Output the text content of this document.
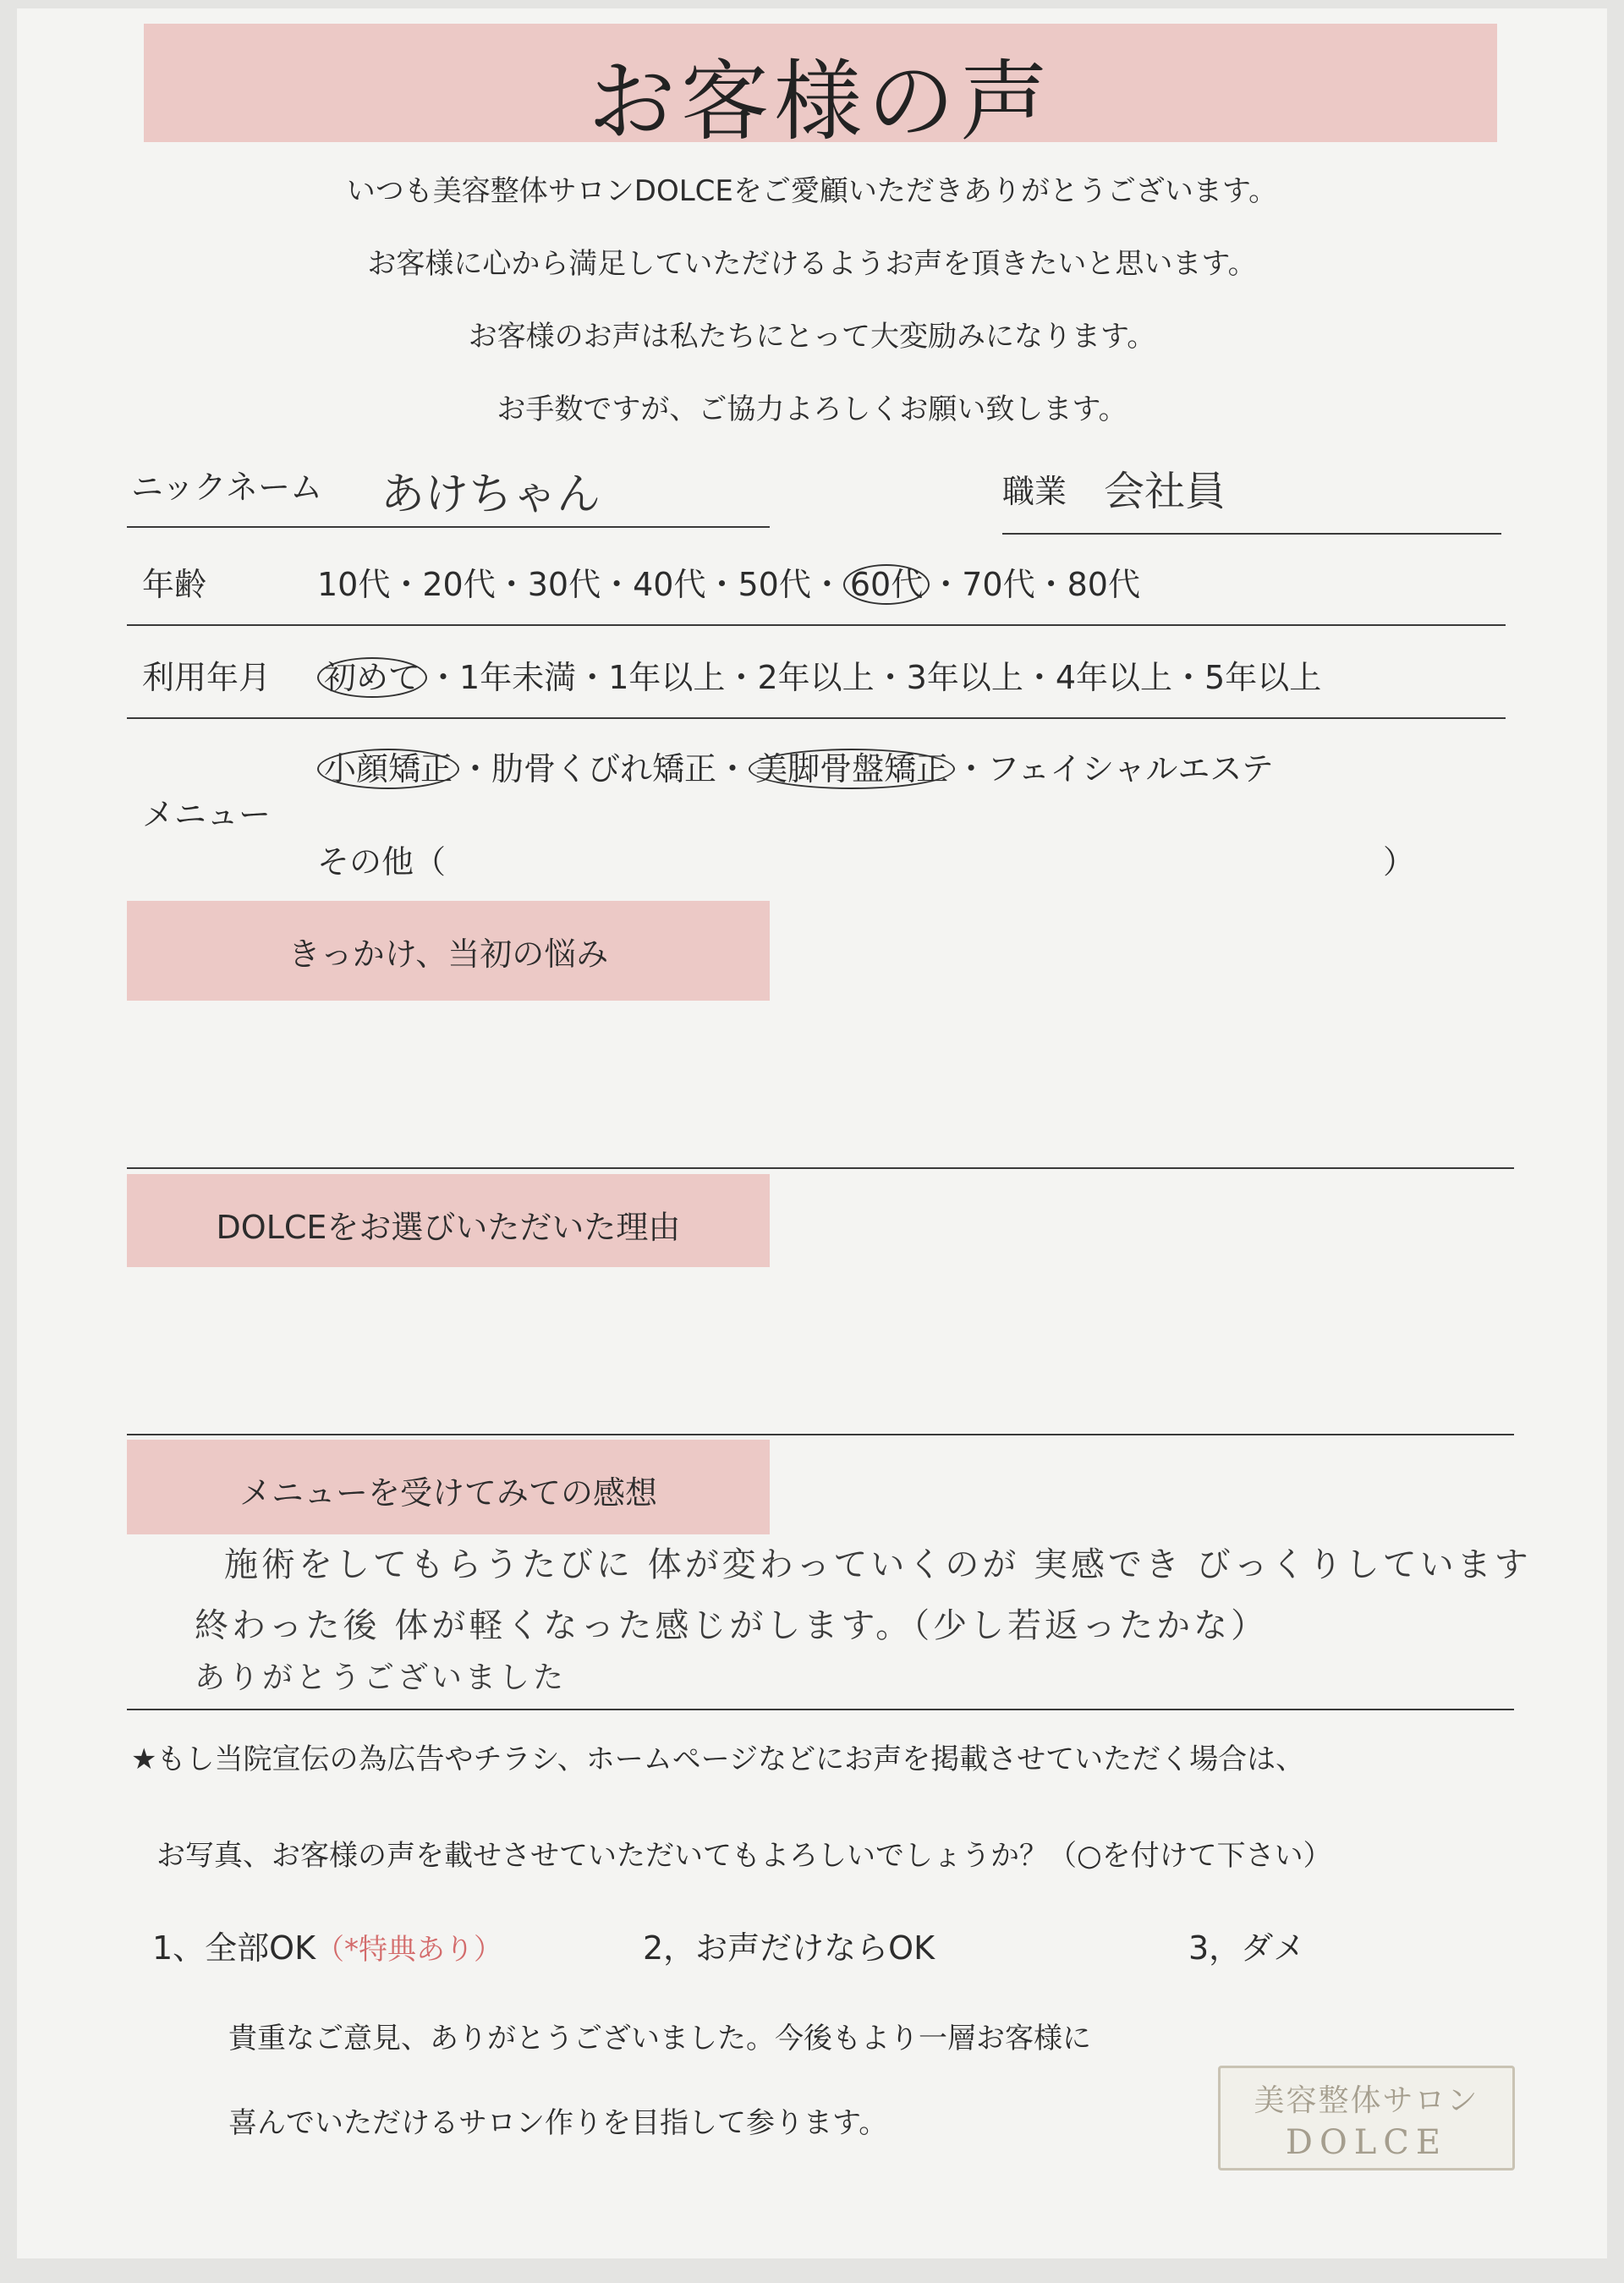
お客様の声
いつも美容整体サロンDOLCEをご愛顧いただきありがとうございます。
お客様に心から満足していただけるようお声を頂きたいと思います。
お客様のお声は私たちにとって大変励みになります。
お手数ですが、ご協力よろしくお願い致します。
ニックネーム あけちゃん	職業 会社員
年齢	10代・20代・30代・40代・50代・ 60代 ・70代・80代
利用年月 初めて ・1年未満・1年以上・2年以上・3年以上・4年以上・5年以上
メニュー
小顔矯正 ・肋骨くびれ矯正・ 美脚骨盤矯正 ・フェイシャルエステ
その他（	）
きっかけ、当初の悩み
DOLCEをお選びいただいた理由
メニューを受けてみての感想
施術をしてもらうたびに 体が変わっていくのが 実感でき びっくりしています
終わった後 体が軽くなった感じがします。（少し若返ったかな）
ありがとうございました
★もし当院宣伝の為広告やチラシ、ホームページなどにお声を掲載させていただく場合は、
お写真、お客様の声を載せさせていただいてもよろしいでしょうか？（○を付けて下さい）
1、全部OK（*特典あり）	2，お声だけならOK	3，ダメ
貴重なご意見、ありがとうございました。今後もより一層お客様に
喜んでいただけるサロン作りを目指して参ります。
美容整体サロン
DOLCE
